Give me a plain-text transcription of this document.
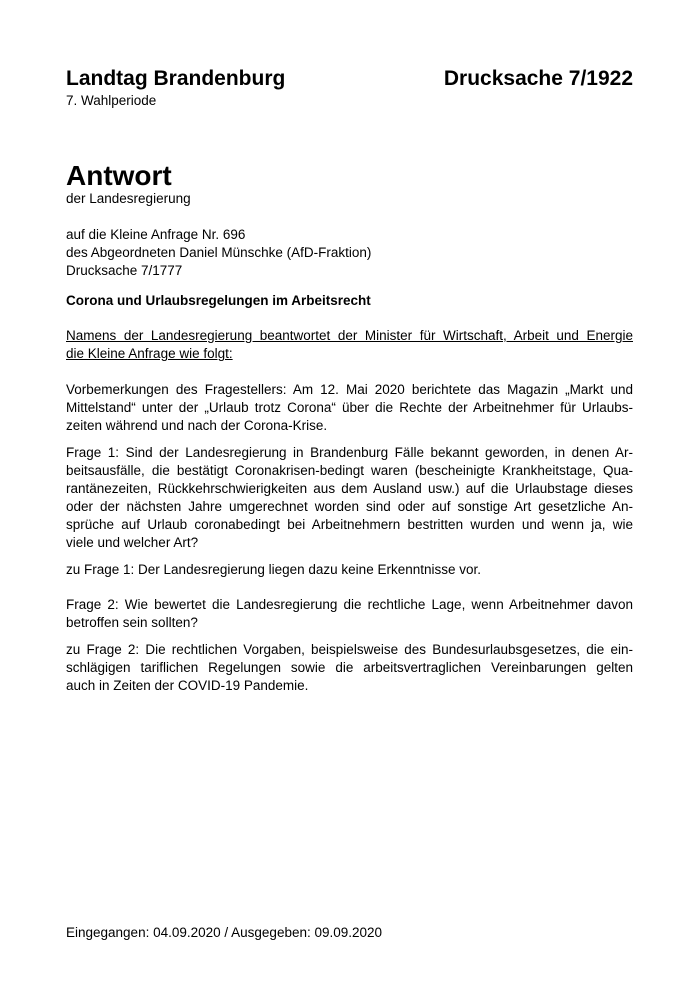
Landtag Brandenburg	Drucksache 7/1922
7. Wahlperiode
Antwort
der Landesregierung
auf die Kleine Anfrage Nr. 696
des Abgeordneten Daniel Münschke (AfD-Fraktion)
Drucksache 7/1777
Corona und Urlaubsregelungen im Arbeitsrecht
Namens der Landesregierung beantwortet der Minister für Wirtschaft, Arbeit und Energie
die Kleine Anfrage wie folgt:
Vorbemerkungen des Fragestellers: Am 12. Mai 2020 berichtete das Magazin „Markt und
Mittelstand“ unter der „Urlaub trotz Corona“ über die Rechte der Arbeitnehmer für Urlaubs-
zeiten während und nach der Corona-Krise.
Frage 1: Sind der Landesregierung in Brandenburg Fälle bekannt geworden, in denen Ar-
beitsausfälle, die bestätigt Coronakrisen-bedingt waren (bescheinigte Krankheitstage, Qua-
rantänezeiten, Rückkehrschwierigkeiten aus dem Ausland usw.) auf die Urlaubstage dieses
oder der nächsten Jahre umgerechnet worden sind oder auf sonstige Art gesetzliche An-
sprüche auf Urlaub coronabedingt bei Arbeitnehmern bestritten wurden und wenn ja, wie
viele und welcher Art?
zu Frage 1: Der Landesregierung liegen dazu keine Erkenntnisse vor.
Frage 2: Wie bewertet die Landesregierung die rechtliche Lage, wenn Arbeitnehmer davon
betroffen sein sollten?
zu Frage 2: Die rechtlichen Vorgaben, beispielsweise des Bundesurlaubsgesetzes, die ein-
schlägigen tariflichen Regelungen sowie die arbeitsvertraglichen Vereinbarungen gelten
auch in Zeiten der COVID-19 Pandemie.
Eingegangen: 04.09.2020 / Ausgegeben: 09.09.2020
